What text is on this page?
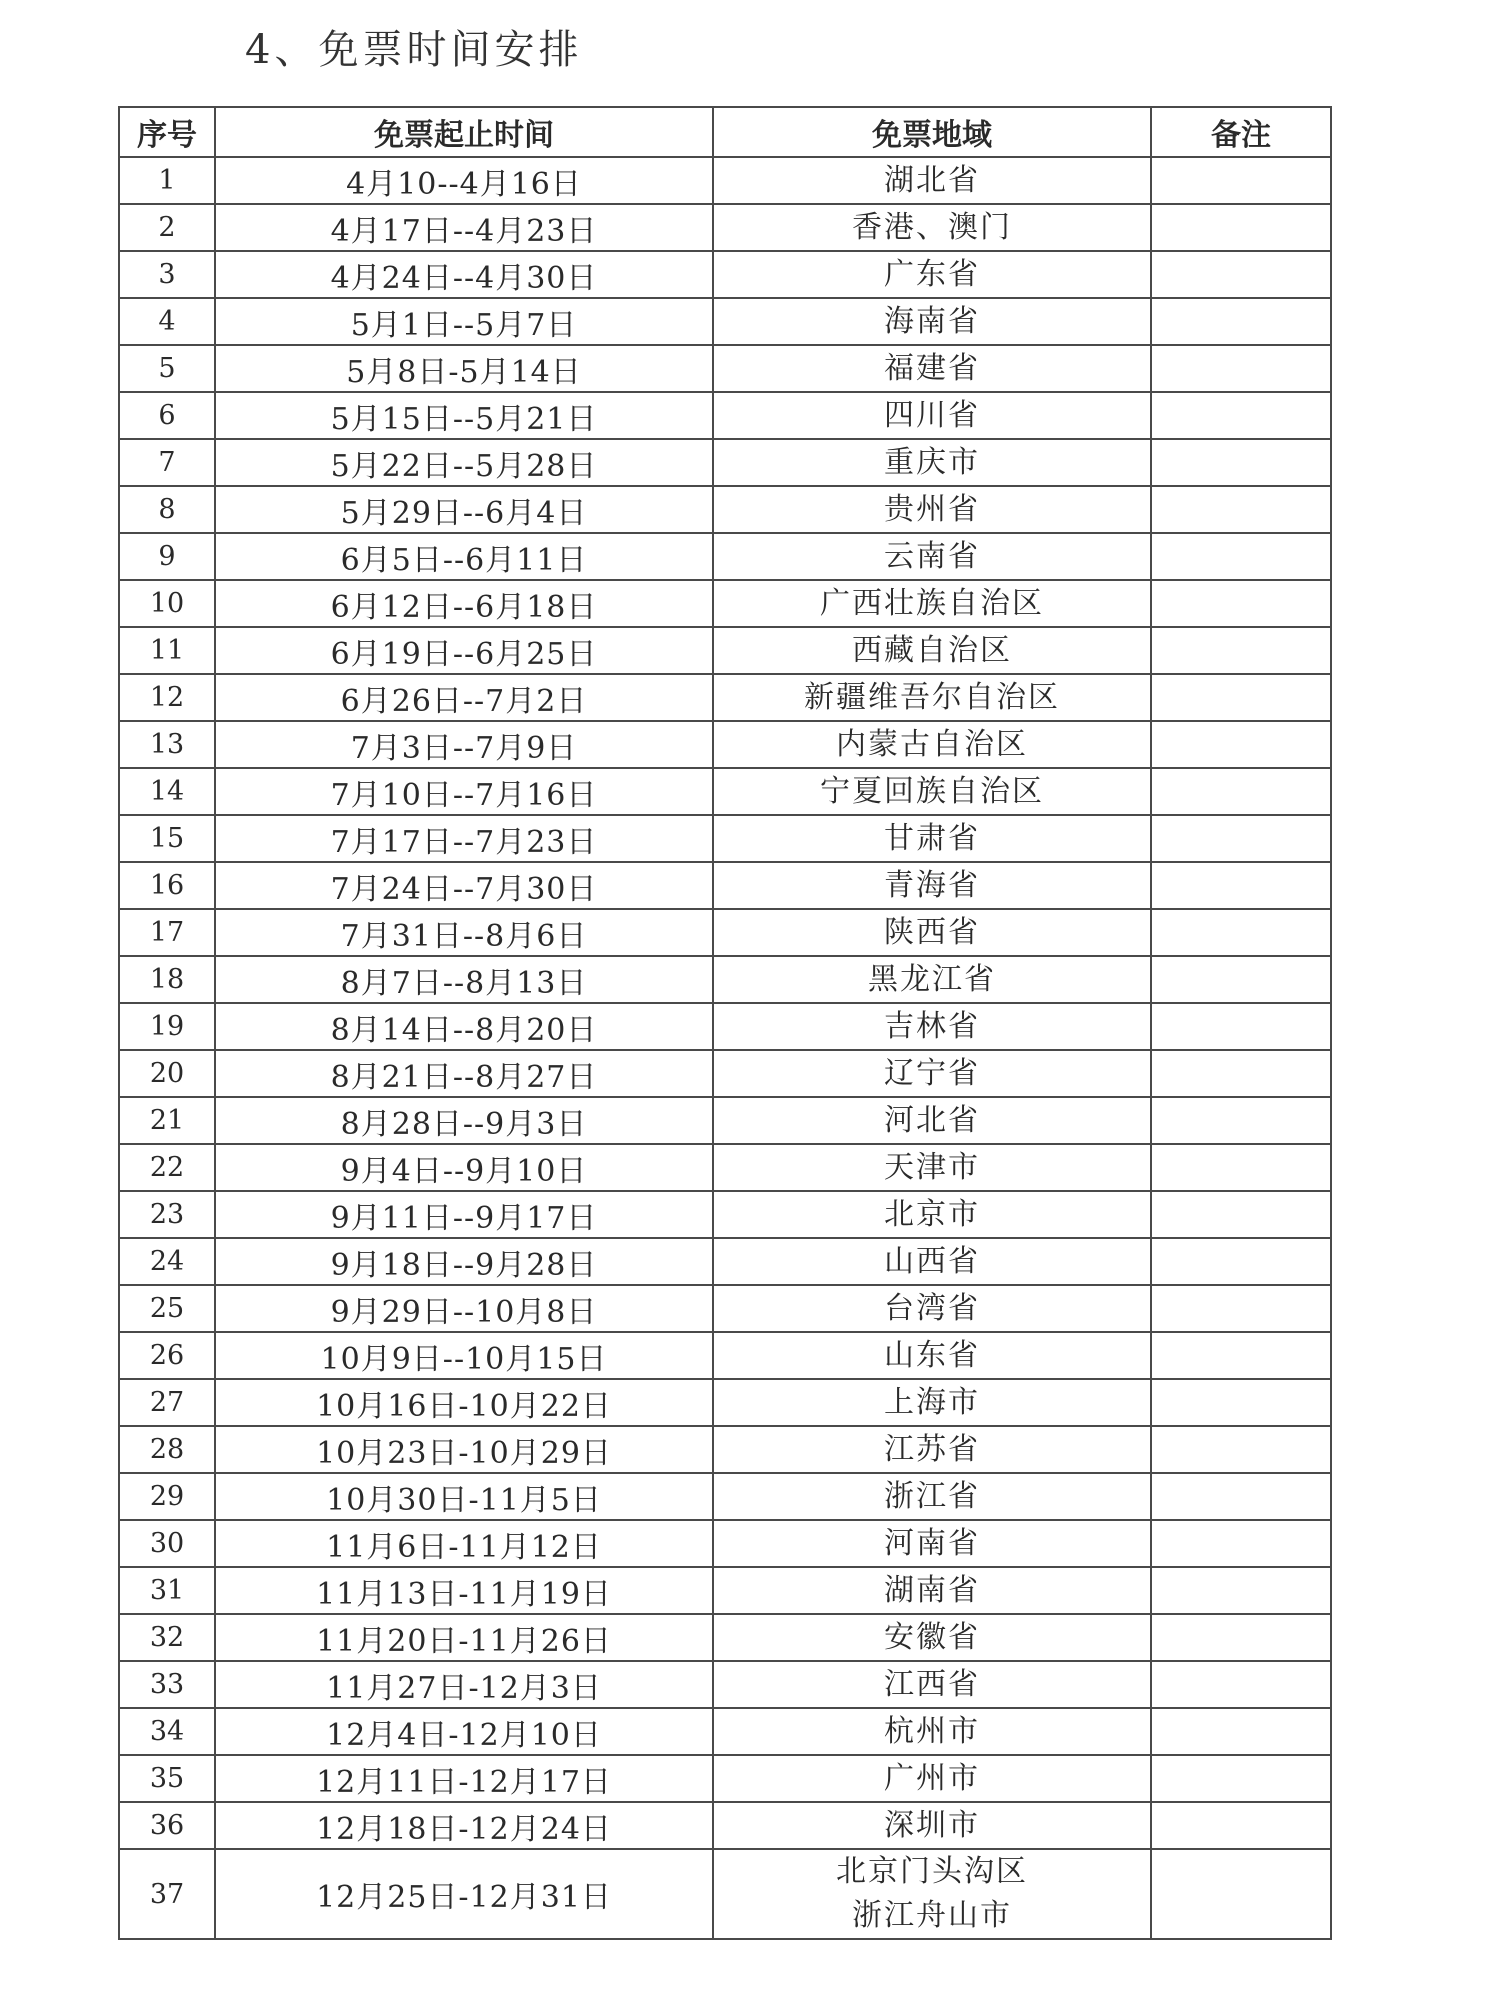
4、免票时间安排
序号	免票起止时间	免票地域	备注
1	4月10--4月16日	湖北省	

2	4月17日--4月23日	香港、澳门	

3	4月24日--4月30日	广东省	

4	5月1日--5月7日	海南省	

5	5月8日-5月14日	福建省	

6	5月15日--5月21日	四川省	

7	5月22日--5月28日	重庆市	

8	5月29日--6月4日	贵州省	

9	6月5日--6月11日	云南省	

10	6月12日--6月18日	广西壮族自治区	

11	6月19日--6月25日	西藏自治区	

12	6月26日--7月2日	新疆维吾尔自治区	

13	7月3日--7月9日	内蒙古自治区	

14	7月10日--7月16日	宁夏回族自治区	

15	7月17日--7月23日	甘肃省	

16	7月24日--7月30日	青海省	

17	7月31日--8月6日	陕西省	

18	8月7日--8月13日	黑龙江省	

19	8月14日--8月20日	吉林省	

20	8月21日--8月27日	辽宁省	

21	8月28日--9月3日	河北省	

22	9月4日--9月10日	天津市	

23	9月11日--9月17日	北京市	

24	9月18日--9月28日	山西省	

25	9月29日--10月8日	台湾省	

26	10月9日--10月15日	山东省	

27	10月16日-10月22日	上海市	

28	10月23日-10月29日	江苏省	

29	10月30日-11月5日	浙江省	

30	11月6日-11月12日	河南省	

31	11月13日-11月19日	湖南省	

32	11月20日-11月26日	安徽省	

33	11月27日-12月3日	江西省	

34	12月4日-12月10日	杭州市	

35	12月11日-12月17日	广州市	

36	12月18日-12月24日	深圳市	

37	12月25日-12月31日	北京门头沟区
浙江舟山市	
